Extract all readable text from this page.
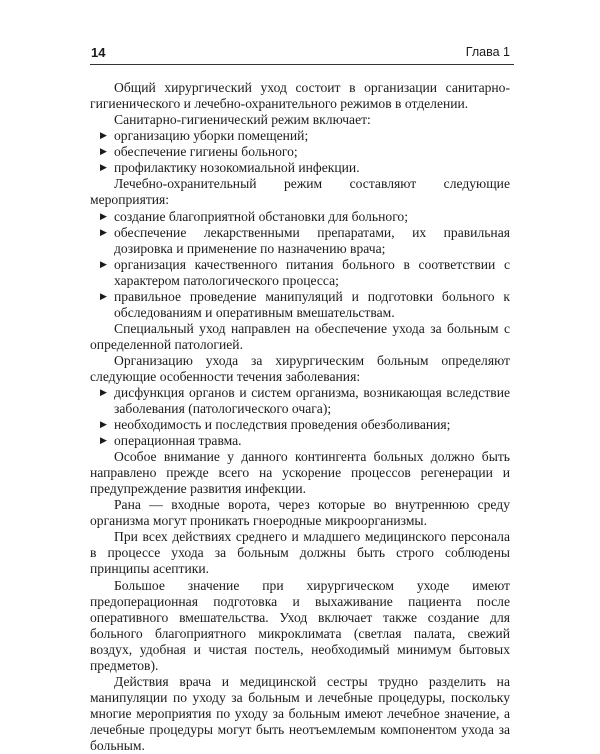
14	Глава 1

Общий хирургический уход состоит в организации санитарно-гигиенического и лечебно-охранительного режимов в отделении.

Санитарно-гигиенический режим включает:

▶ организацию уборки помещений;
▶ обеспечение гигиены больного;
▶ профилактику нозокомиальной инфекции.

Лечебно-охранительный режим составляют следующие мероприятия:

▶ создание благоприятной обстановки для больного;
▶ обеспечение лекарственными препаратами, их правильная дозировка и применение по назначению врача;
▶ организация качественного питания больного в соответствии с характером патологического процесса;
▶ правильное проведение манипуляций и подготовки больного к обследованиям и оперативным вмешательствам.

Специальный уход направлен на обеспечение ухода за больным с определенной патологией.

Организацию ухода за хирургическим больным определяют следующие особенности течения заболевания:

▶ дисфункция органов и систем организма, возникающая вследствие заболевания (патологического очага);
▶ необходимость и последствия проведения обезболивания;
▶ операционная травма.

Особое внимание у данного контингента больных должно быть направлено прежде всего на ускорение процессов регенерации и предупреждение развития инфекции.

Рана — входные ворота, через которые во внутреннюю среду организма могут проникать гноеродные микроорганизмы.

При всех действиях среднего и младшего медицинского персонала в процессе ухода за больным должны быть строго соблюдены принципы асептики.

Большое значение при хирургическом уходе имеют предоперационная подготовка и выхаживание пациента после оперативного вмешательства. Уход включает также создание для больного благоприятного микроклимата (светлая палата, свежий воздух, удобная и чистая постель, необходимый минимум бытовых предметов).

Действия врача и медицинской сестры трудно разделить на манипуляции по уходу за больным и лечебные процедуры, поскольку многие мероприятия по уходу за больным имеют лечебное значение, а лечебные процедуры могут быть неотъемлемым компонентом ухода за больным.
